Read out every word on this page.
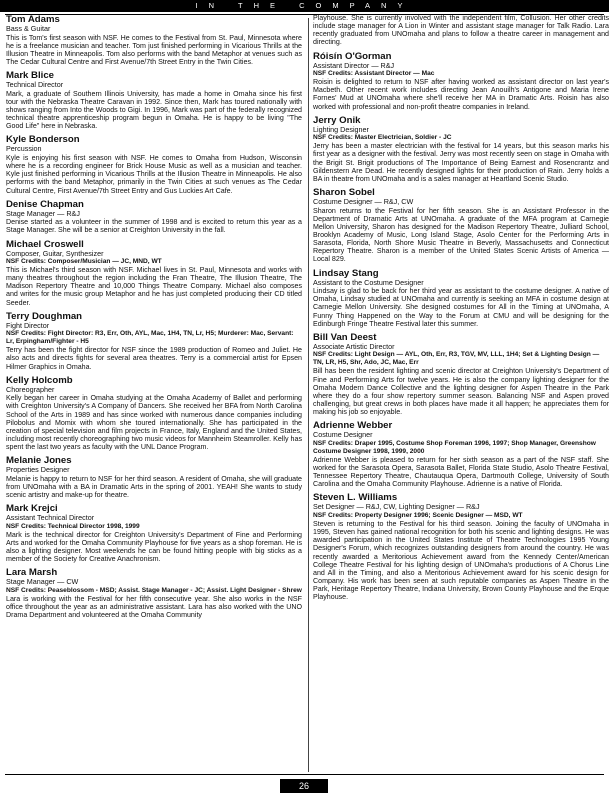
IN THE COMPANY

Tom Adams

Bass & Guitar

This is Tom's first season with NSF. He comes to the Festival from St. Paul, Minnesota where he is a freelance musician and teacher. Tom just finished performing in Vicarious Thrills at the Illusion Theatre in Minneapolis. Tom also performs with the band Metaphor at venues such as The Cedar Cultural Centre and First Avenue/7th Street Entry in the Twin Cities.

Mark Blice

Technical Director

Mark, a graduate of Southern Illinois University, has made a home in Omaha since his first tour with the Nebraska Theatre Caravan in 1992. Since then, Mark has toured nationally with shows ranging from Into the Woods to Gigi. In 1996, Mark was part of the federally recognized technical theatre apprenticeship program begun in Omaha. He is happy to be living "The Good Life" here in Nebraska.

Kyle Bonderson

Percussion

Kyle is enjoying his first season with NSF. He comes to Omaha from Hudson, Wisconsin where he is a recording engineer for Brick House Music as well as a musician and teacher. Kyle just finished performing in Vicarious Thrills at the Illusion Theatre in Minneapolis. He also performs with the band Metaphor, primarily in the Twin Cities at such venues as The Cedar Cultural Centre, First Avenue/7th Street Entry and Gus Luckies Art Cafe.

Denise Chapman

Stage Manager — R&J

Denise started as a volunteer in the summer of 1998 and is excited to return this year as a Stage Manager. She will be a senior at Creighton University in the fall.

Michael Croswell

Composer, Guitar, Synthesizer

NSF Credits: Composer/Musician — JC, MND, WT

This is Michael's third season with NSF. Michael lives in St. Paul, Minnesota and works with many theatres throughout the region including the Fran Theatre, The Illusion Theatre, The Madison Repertory Theatre and 10,000 Things Theatre Company. Michael also composes and writes for the music group Metaphor and he has just completed producing their CD titled Seeder.

Terry Doughman

Fight Director

NSF Credits: Fight Director: R3, Err, Oth, AYL, Mac, 1H4, TN, Lr, H5; Murderer: Mac, Servant: Lr, Erpingham/Fighter - H5

Terry has been the fight director for NSF since the 1989 production of Romeo and Juliet. He also acts and directs fights for several area theatres. Terry is a commercial artist for Epsen Hilmer Graphics in Omaha.

Kelly Holcomb

Choreographer

Kelly began her career in Omaha studying at the Omaha Academy of Ballet and performing with Creighton University's A Company of Dancers. She received her BFA from North Carolina School of the Arts in 1989 and has since worked with numerous dance companies including Pilobolus and Momix with whom she toured internationally. She has participated in the creation of special television and film projects in France, Italy, England and the United States, including most recently choreographing two music videos for Mannheim Steamroller. Kelly has spent the last two years as faculty with the UNL Dance Program.

Melanie Jones

Properties Designer

Melanie is happy to return to NSF for her third season. A resident of Omaha, she will graduate from UNOmaha with a BA in Dramatic Arts in the spring of 2001. YEAH! She wants to study scenic artistry and make-up for theatre.

Mark Krejci

Assistant Technical Director

NSF Credits: Technical Director 1998, 1999

Mark is the technical director for Creighton University's Department of Fine and Performing Arts and worked for the Omaha Community Playhouse for five years as a shop foreman. He is also a lighting designer. Most weekends he can be found hitting people with big sticks as a member of the Society for Creative Anachronism.

Lara Marsh

Stage Manager — CW

NSF Credits: Peaseblossom - MSD; Assist. Stage Manager - JC; Assist. Light Designer - Shrew

Lara is working with the Festival for her fifth consecutive year. She also works in the NSF office throughout the year as an administrative assistant. Lara has also worked with the UNO Drama Department and volunteered at the Omaha Community

Playhouse. She is currently involved with the independent film, Collusion. Her other credits include stage manager for A Lion in Winter and assistant stage manager for Talk Radio. Lara recently graduated from UNOmaha and plans to follow a theatre career in management and directing.

Róisín O'Gorman

Assistant Director — R&J

NSF Credits: Assistant Director — Mac

Roisin is delighted to return to NSF after having worked as assistant director on last year's Macbeth. Other recent work includes directing Jean Anouilh's Antigone and Maria Irene Fornes' Mud at UNOmaha where she'll receive her MA in Dramatic Arts. Roisin has also worked with professional and non-profit theatre companies in Ireland.

Jerry Onik

Lighting Designer

NSF Credits: Master Electrician, Soldier - JC

Jerry has been a master electrician with the festival for 14 years, but this season marks his first year as a designer with the festival. Jerry was most recently seen on stage in Omaha with the Brigit St. Brigit productions of The Importance of Being Earnest and Rosencrantz and Gildenstern Are Dead. He recently designed lights for their production of Rain. Jerry holds a BA in theatre from UNOmaha and is a sales manager at Heartland Scenic Studio.

Sharon Sobel

Costume Designer — R&J, CW

Sharon returns to the Festival for her fifth season. She is an Assistant Professor in the Department of Dramatic Arts at UNOmaha. A graduate of the MFA program at Carnegie Mellon University, Sharon has designed for the Madison Repertory Theatre, Julliard School, Brooklyn Academy of Music, Long Island Stage, Asolo Center for the Performing Arts in Sarasota, Florida, North Shore Music Theatre in Beverly, Massachusetts and Connecticut Repertory Theatre. Sharon is a member of the United States Scenic Artists of America — Local 829.

Lindsay Stang

Assistant to the Costume Designer

Lindsay is glad to be back for her third year as assistant to the costume designer. A native of Omaha, Lindsay studied at UNOmaha and currently is seeking an MFA in costume design at Carnegie Mellon University. She designed costumes for All in the Timing at UNOmaha, A Funny Thing Happened on the Way to the Forum at CMU and will be designing for the Edinburgh Fringe Theatre Festival later this summer.

Bill Van Deest

Associate Artistic Director

NSF Credits: Light Design — AYL, Oth, Err, R3, TGV, MV, LLL, 1H4; Set & Lighting Design — TN, LR, H5, Shr, Ado, JC, Mac, Err

Bill has been the resident lighting and scenic director at Creighton University's Department of Fine and Performing Arts for twelve years. He is also the company lighting designer for the Omaha Modern Dance Collective and the lighting designer for Aspen Theatre in the Park where they do a four show repertory summer season. Balancing NSF and Aspen proved challenging, but great crews in both places have made it all happen; he appreciates them for making his job so enjoyable.

Adrienne Webber

Costume Designer

NSF Credits: Draper 1995, Costume Shop Foreman 1996, 1997; Shop Manager, Greenshow Costume Designer 1998, 1999, 2000

Adrienne Webber is pleased to return for her sixth season as a part of the NSF staff. She worked for the Sarasota Opera, Sarasota Ballet, Florida State Studio, Asolo Theatre Festival, Tennessee Repertory Theatre, Chautauqua Opera, Dartmouth College, University of South Carolina and the Omaha Community Playhouse. Adrienne is a native of Florida.

Steven L. Williams

Set Designer — R&J, CW, Lighting Designer — R&J

NSF Credits: Property Designer 1996; Scenic Designer — MSD, WT

Steven is returning to the Festival for his third season. Joining the faculty of UNOmaha in 1995, Steven has gained national recognition for both his scenic and lighting designs. He was awarded participation in the United States Institute of Theatre Technologies 1995 Young Designer's Forum, which recognizes outstanding designers from around the country. He was recently awarded a Meritorious Achievement award from the Kennedy Center/American College Theatre Festival for his lighting design of UNOmaha's productions of A Chorus Line and All in the Timing, and also a Meritorious Achievement award for his scenic design for Company. His work has been seen at such reputable companies as Aspen Theatre in the Park, Heritage Repertory Theatre, Indiana University, Brown County Playhouse and the Erque Playhouse.

26
